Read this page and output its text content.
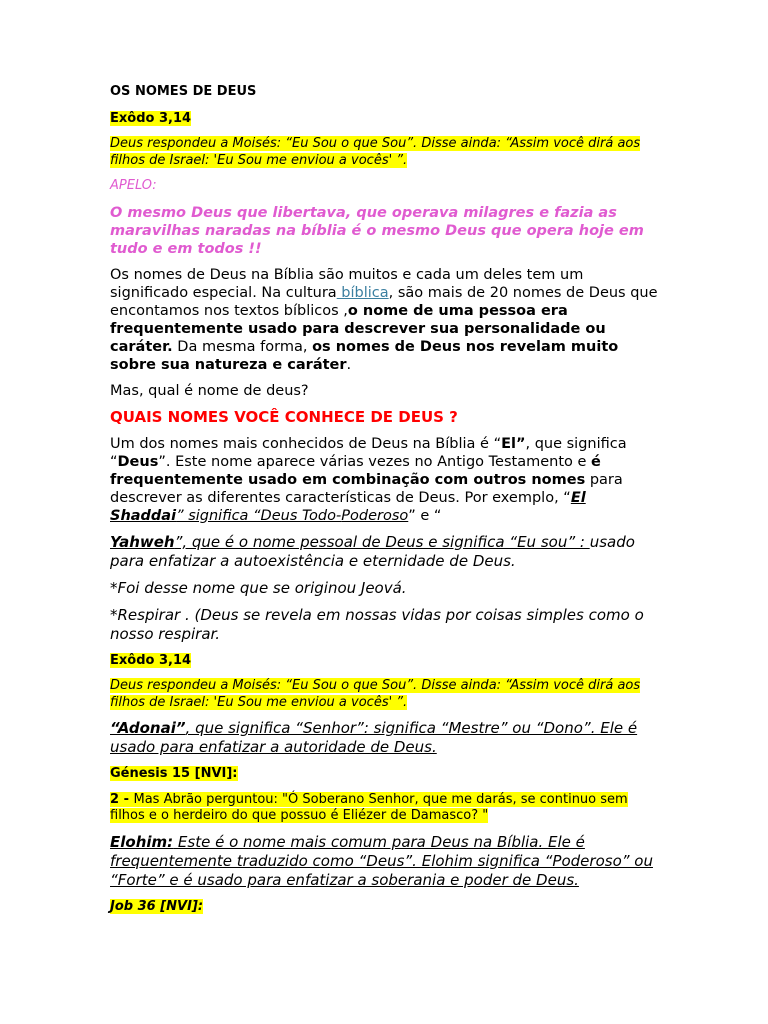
OS NOMES DE DEUS

Exôdo 3,14

Deus respondeu a Moisés: “Eu Sou o que Sou”. Disse ainda: “Assim você dirá aos filhos de Israel: 'Eu Sou me enviou a vocês' ”.

APELO:

O mesmo Deus que libertava, que operava milagres e fazia as maravilhas naradas na bíblia é o mesmo Deus que opera hoje em tudo e em todos !!

Os nomes de Deus na Bíblia são muitos e cada um deles tem um significado especial. Na cultura bíblica, são mais de 20 nomes de Deus que encontamos nos textos bíblicos ,o nome de uma pessoa era frequentemente usado para descrever sua personalidade ou caráter. Da mesma forma, os nomes de Deus nos revelam muito sobre sua natureza e caráter.

Mas, qual é nome de deus?

QUAIS NOMES VOCÊ CONHECE DE DEUS ?

Um dos nomes mais conhecidos de Deus na Bíblia é “El”, que significa “Deus”. Este nome aparece várias vezes no Antigo Testamento e é frequentemente usado em combinação com outros nomes para descrever as diferentes características de Deus. Por exemplo, “El Shaddai” significa “Deus Todo-Poderoso” e “

Yahweh”, que é o nome pessoal de Deus e significa “Eu sou” : usado para enfatizar a autoexistência e eternidade de Deus.

*Foi desse nome que se originou Jeová.

*Respirar . (Deus se revela em nossas vidas por coisas simples como o nosso respirar.

Exôdo 3,14

Deus respondeu a Moisés: “Eu Sou o que Sou”. Disse ainda: “Assim você dirá aos filhos de Israel: 'Eu Sou me enviou a vocês' ”.

“Adonai”, que significa “Senhor”: significa “Mestre” ou “Dono”. Ele é usado para enfatizar a autoridade de Deus.

Génesis 15 [NVI]:

2 - Mas Abrão perguntou: "Ó Soberano Senhor, que me darás, se continuo sem filhos e o herdeiro do que possuo é Eliézer de Damasco? "

Elohim: Este é o nome mais comum para Deus na Bíblia. Ele é frequentemente traduzido como “Deus”. Elohim significa “Poderoso” ou “Forte” e é usado para enfatizar a soberania e poder de Deus.

Job 36 [NVI]:
